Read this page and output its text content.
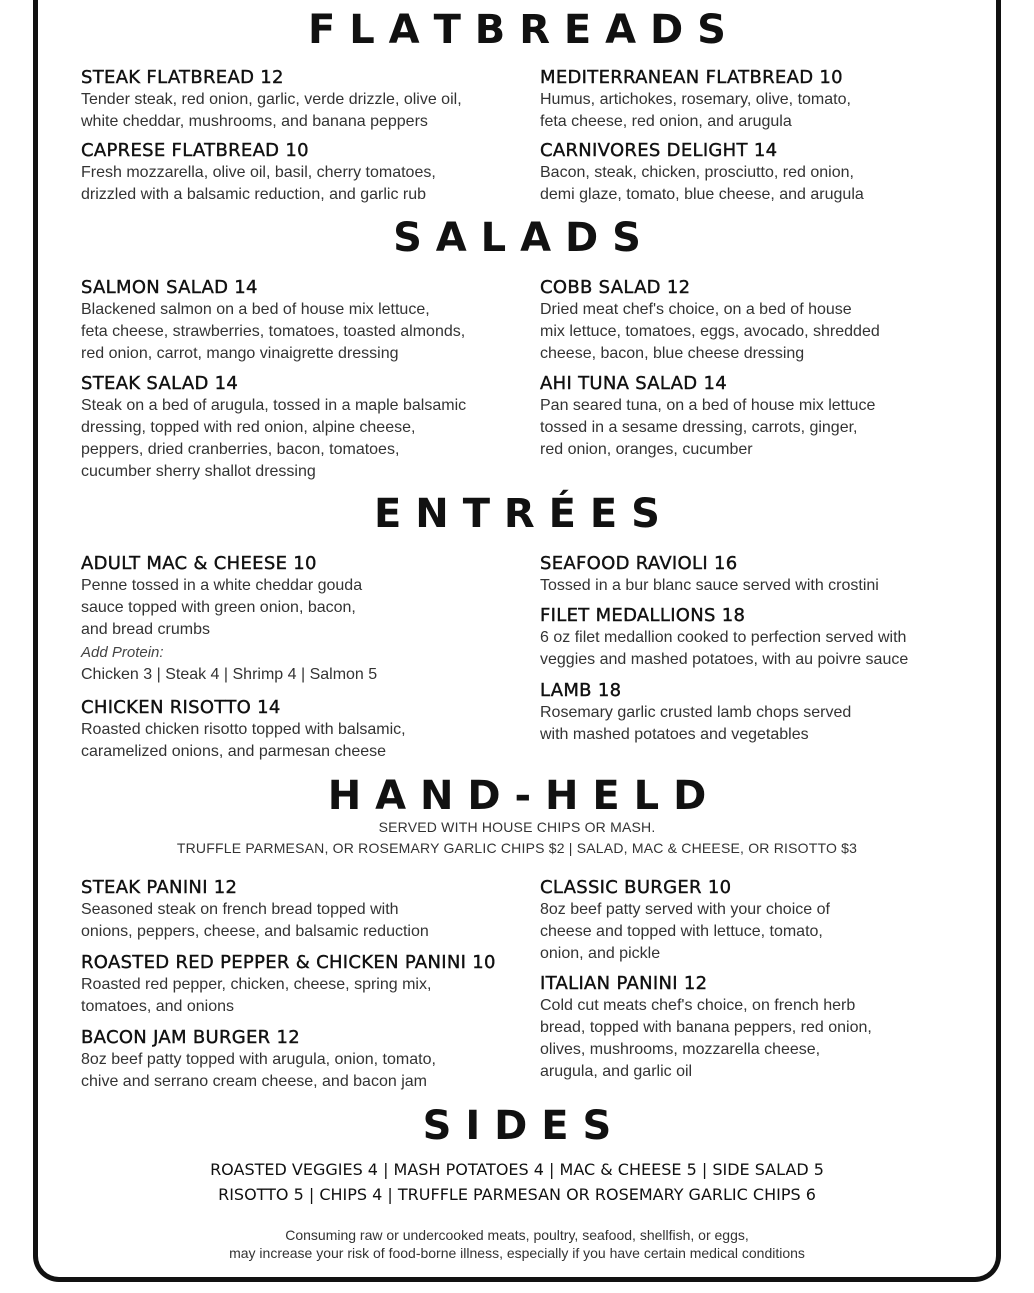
F L A T B R E A D S
STEAK FLATBREAD 12
Tender steak, red onion, garlic, verde drizzle, olive oil,
white cheddar, mushrooms, and banana peppers
MEDITERRANEAN FLATBREAD 10
Humus, artichokes, rosemary, olive, tomato,
feta cheese, red onion, and arugula
CAPRESE FLATBREAD 10
Fresh mozzarella, olive oil, basil, cherry tomatoes,
drizzled with a balsamic reduction, and garlic rub
CARNIVORES DELIGHT 14
Bacon, steak, chicken, prosciutto, red onion,
demi glaze, tomato, blue cheese, and arugula
S A L A D S
SALMON SALAD 14
Blackened salmon on a bed of house mix lettuce,
feta cheese, strawberries, tomatoes, toasted almonds,
red onion, carrot, mango vinaigrette dressing
COBB SALAD 12
Dried meat chef's choice, on a bed of house
mix lettuce, tomatoes, eggs, avocado, shredded
cheese, bacon, blue cheese dressing
STEAK SALAD 14
Steak on a bed of arugula, tossed in a maple balsamic
dressing, topped with red onion, alpine cheese,
peppers, dried cranberries, bacon, tomatoes,
cucumber sherry shallot dressing
AHI TUNA SALAD 14
Pan seared tuna, on a bed of house mix lettuce
tossed in a sesame dressing, carrots, ginger,
red onion, oranges, cucumber
E N T R É E S
ADULT MAC & CHEESE 10
Penne tossed in a white cheddar gouda
sauce topped with green onion, bacon,
and bread crumbs
Add Protein:
Chicken 3 | Steak 4 | Shrimp 4 | Salmon 5
SEAFOOD RAVIOLI 16
Tossed in a bur blanc sauce served with crostini
FILET MEDALLIONS 18
6 oz filet medallion cooked to perfection served with
veggies and mashed potatoes, with au poivre sauce
LAMB 18
Rosemary garlic crusted lamb chops served
with mashed potatoes and vegetables
CHICKEN RISOTTO 14
Roasted chicken risotto topped with balsamic,
caramelized onions, and parmesan cheese
H A N D - H E L D
SERVED WITH HOUSE CHIPS OR MASH.
TRUFFLE PARMESAN, OR ROSEMARY GARLIC CHIPS $2 | SALAD, MAC & CHEESE, OR RISOTTO $3
STEAK PANINI 12
Seasoned steak on french bread topped with
onions, peppers, cheese, and balsamic reduction
CLASSIC BURGER 10
8oz beef patty served with your choice of
cheese and topped with lettuce, tomato,
onion, and pickle
ROASTED RED PEPPER & CHICKEN PANINI 10
Roasted red pepper, chicken, cheese, spring mix,
tomatoes, and onions
ITALIAN PANINI 12
Cold cut meats chef's choice, on french herb
bread, topped with banana peppers, red onion,
olives, mushrooms, mozzarella cheese,
arugula, and garlic oil
BACON JAM BURGER 12
8oz beef patty topped with arugula, onion, tomato,
chive and serrano cream cheese, and bacon jam
S I D E S
ROASTED VEGGIES 4 | MASH POTATOES 4 | MAC & CHEESE 5 | SIDE SALAD 5
RISOTTO 5 | CHIPS 4 | TRUFFLE PARMESAN OR ROSEMARY GARLIC CHIPS 6
Consuming raw or undercooked meats, poultry, seafood, shellfish, or eggs,
may increase your risk of food-borne illness, especially if you have certain medical conditions
